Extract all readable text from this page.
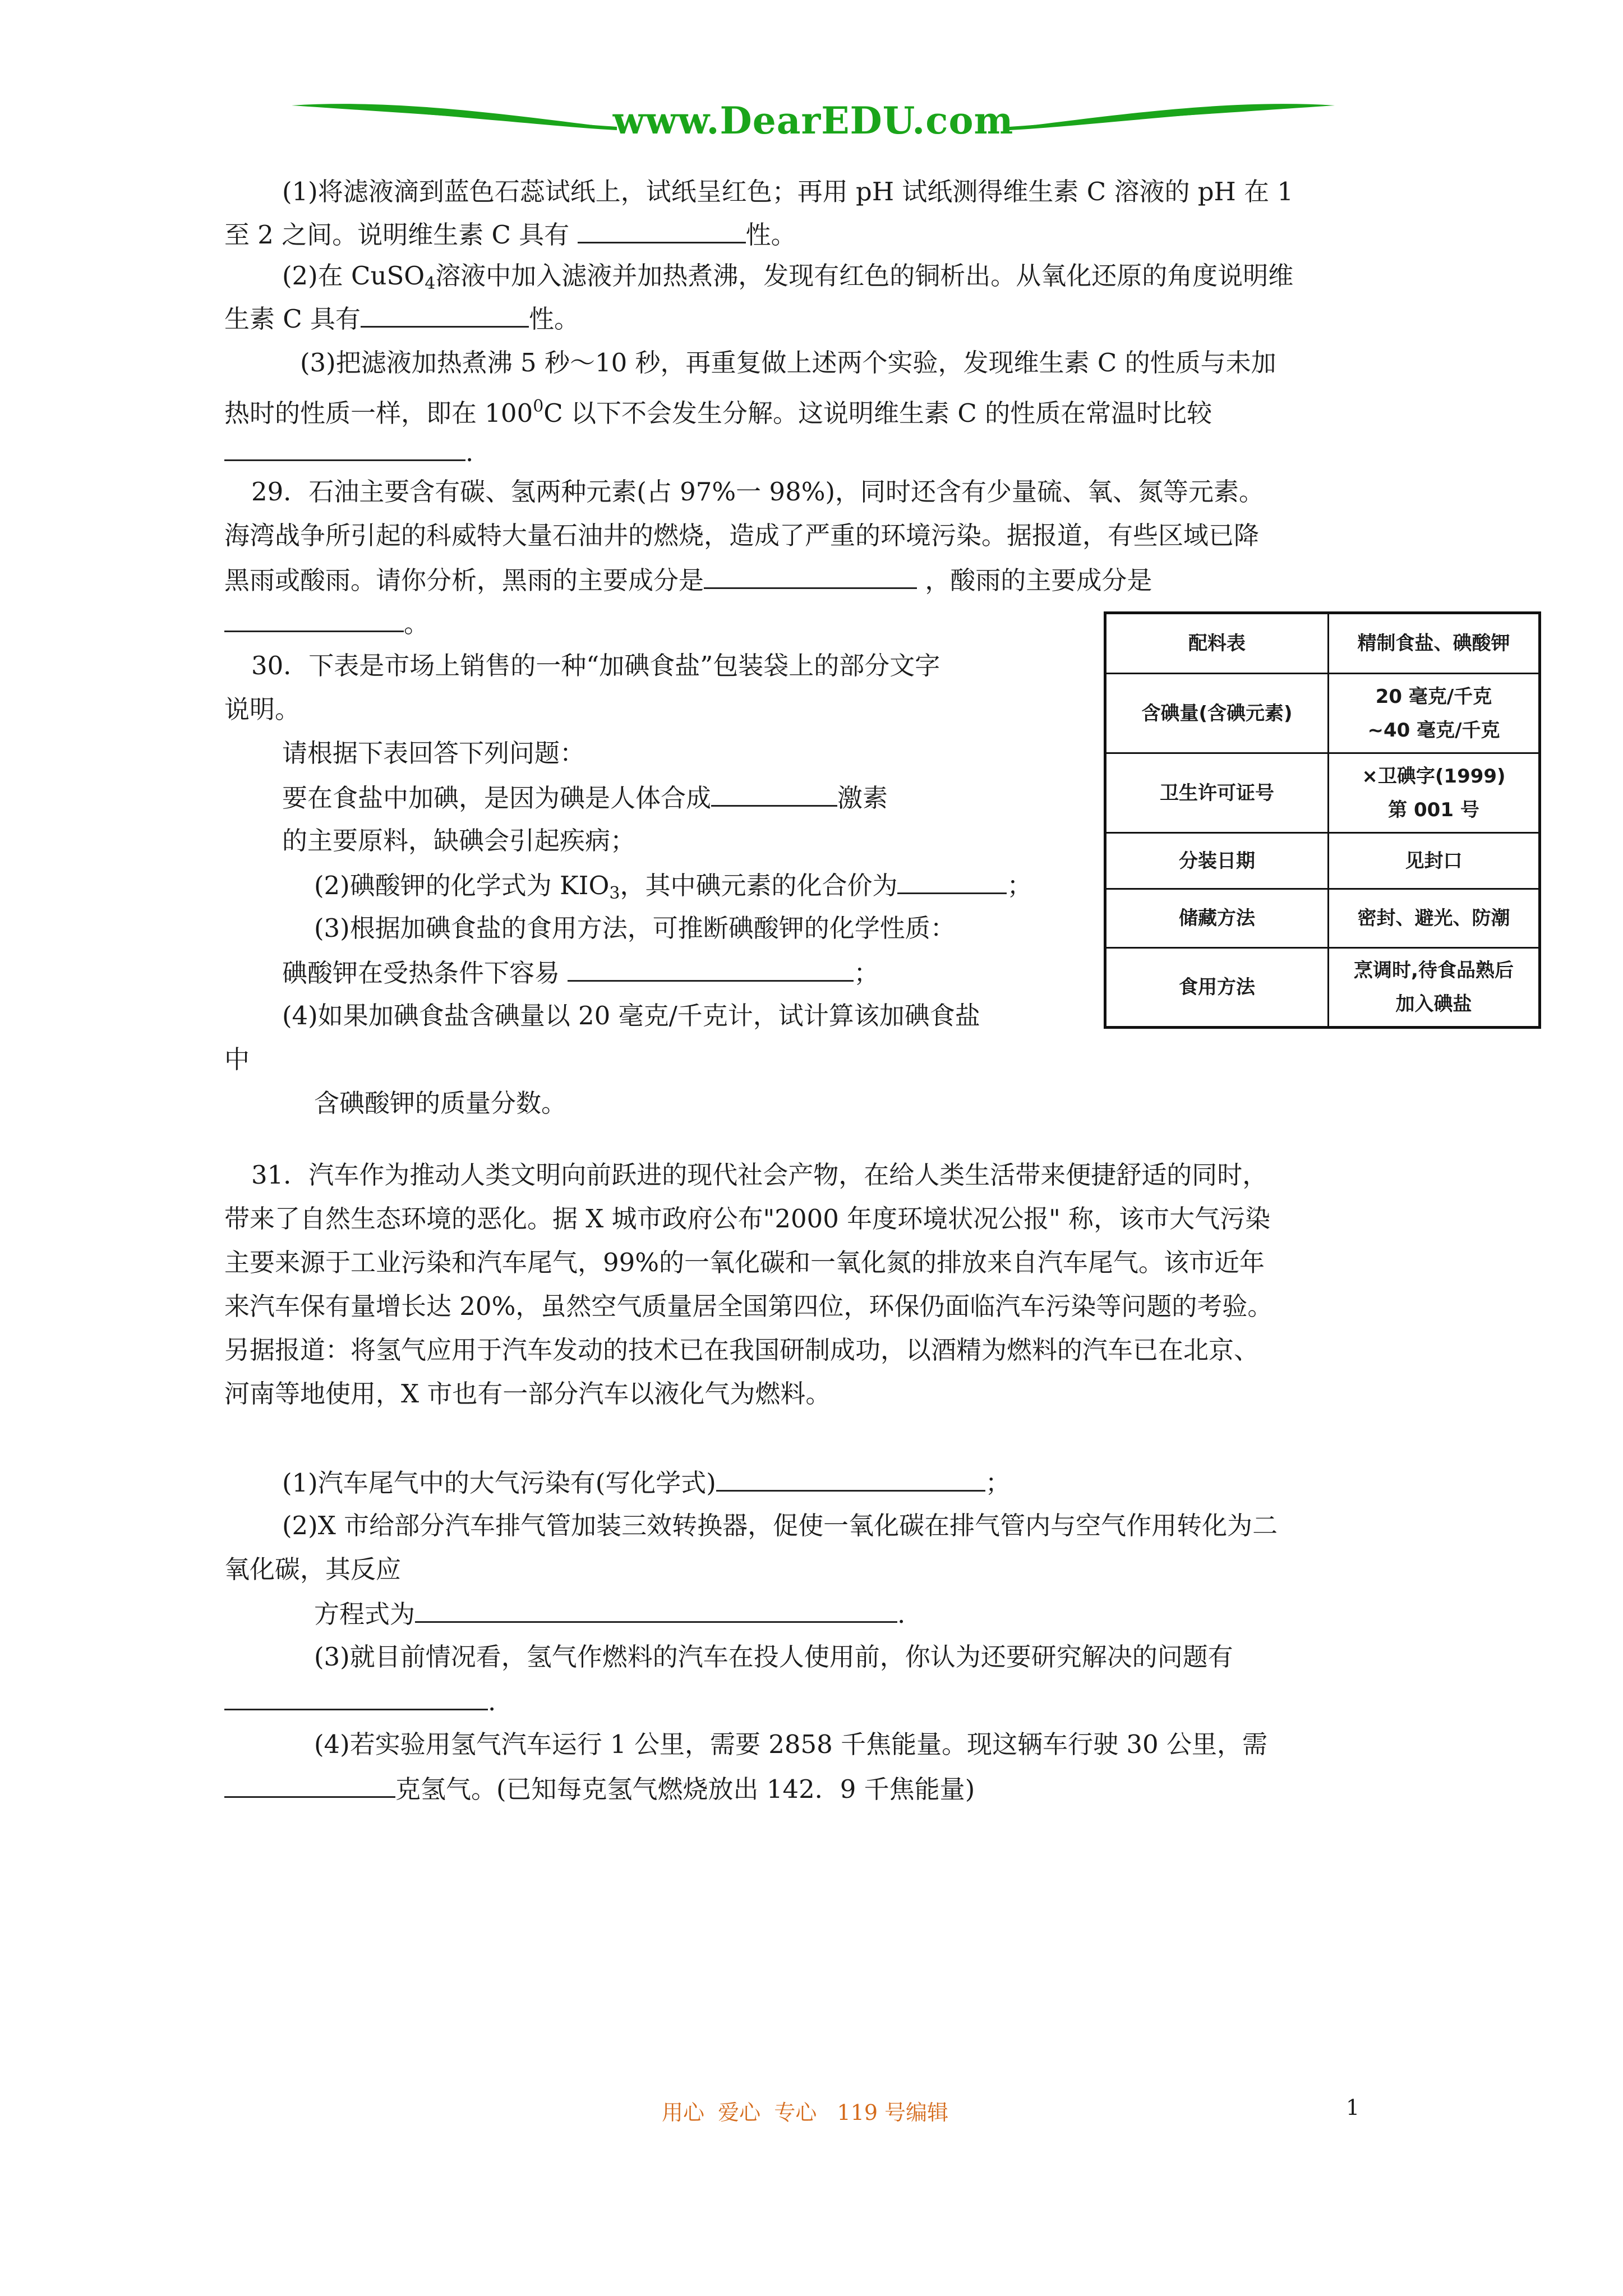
www.DearEDU.com
(1)将滤液滴到蓝色石蕊试纸上，试纸呈红色；再用 pH 试纸测得维生素 C 溶液的 pH 在 1
至 2 之间。说明维生素 C 具有	性。
(2)在 CuSO$_4$溶液中加入滤液并加热煮沸，发现有红色的铜析出。从氧化还原的角度说明维
生素 C 具有	性。
(3)把滤液加热煮沸 5 秒～10 秒，再重复做上述两个实验，发现维生素 C 的性质与未加
热时的性质一样，即在 $100^0C$ 以下不会发生分解。这说明维生素 C 的性质在常温时比较
.
29．石油主要含有碳、氢两种元素(占 97%一 98%)，同时还含有少量硫、氧、氮等元素。
海湾战争所引起的科威特大量石油井的燃烧，造成了严重的环境污染。据报道，有些区域已降
黑雨或酸雨。请你分析，黑雨的主要成分是	，酸雨的主要成分是
。
30．下表是市场上销售的一种“加碘食盐”包装袋上的部分文字
说明。
请根据下表回答下列问题：
要在食盐中加碘，是因为碘是人体合成	激素
的主要原料，缺碘会引起疾病；
(2)碘酸钾的化学式为 $KIO_3$，其中碘元素的化合价为	；
(3)根据加碘食盐的食用方法，可推断碘酸钾的化学性质：
碘酸钾在受热条件下容易	；
(4)如果加碘食盐含碘量以 20 毫克/千克计，试计算该加碘食盐
中
含碘酸钾的质量分数。
配料表	精制食盐、碘酸钾

含碘量(含碘元素)	20 毫克/千克
~40 毫克/千克

卫生许可证号	×卫碘字(1999)
第 001 号

分装日期	见封口

储藏方法	密封、避光、防潮

食用方法	烹调时,待食品熟后
加入碘盐
31．汽车作为推动人类文明向前跃进的现代社会产物，在给人类生活带来便捷舒适的同时，
带来了自然生态环境的恶化。据 X 城市政府公布"2000 年度环境状况公报" 称，该市大气污染
主要来源于工业污染和汽车尾气，99%的一氧化碳和一氧化氮的排放来自汽车尾气。该市近年
来汽车保有量增长达 20%，虽然空气质量居全国第四位，环保仍面临汽车污染等问题的考验。
另据报道：将氢气应用于汽车发动的技术已在我国研制成功，以酒精为燃料的汽车已在北京、
河南等地使用，X 市也有一部分汽车以液化气为燃料。
(1)汽车尾气中的大气污染有(写化学式)	；
(2)X 市给部分汽车排气管加装三效转换器，促使一氧化碳在排气管内与空气作用转化为二
氧化碳，其反应
方程式为	.
(3)就目前情况看，氢气作燃料的汽车在投人使用前，你认为还要研究解决的问题有
.
(4)若实验用氢气汽车运行 1 公里，需要 2858 千焦能量。现这辆车行驶 30 公里，需
克氢气。(已知每克氢气燃烧放出 142．9 千焦能量)
用心  爱心  专心   119 号编辑	1
